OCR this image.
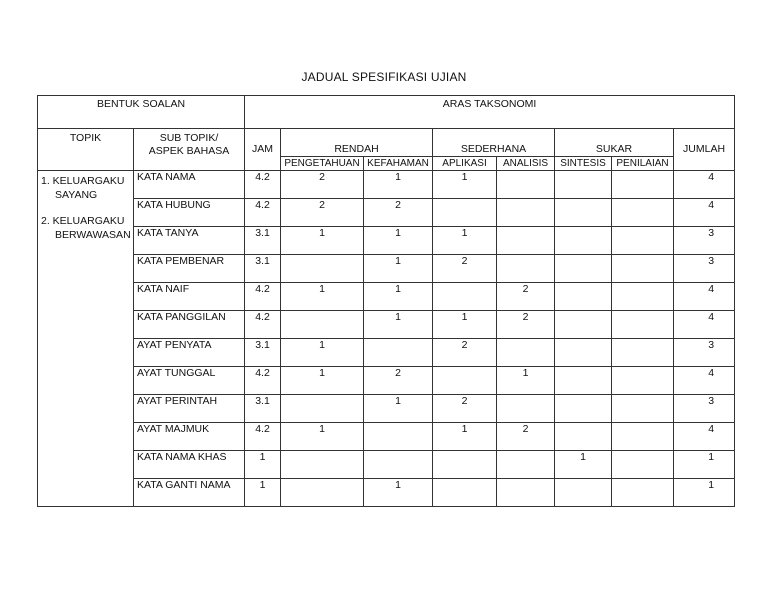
JADUAL SPESIFIKASI UJIAN
BENTUK SOALAN		ARAS TAKSONOMI							
TOPIK	SUB TOPIK/
ASPEK BAHASA	JAM	RENDAH		SEDERHANA		SUKAR		JUMLAH
			PENGETAHUAN	KEFAHAMAN	APLIKASI	ANALISIS	SINTESIS	PENILAIAN	

1. KELUARGAKU
SAYANG
2. KELUARGAKU
BERWAWASAN	KATA NAMA	4.2	2	1	1				4
	KATA HUBUNG	4.2	2	2					4
	KATA TANYA	3.1	1	1	1				3
	KATA PEMBENAR	3.1		1	2				3
	KATA NAIF	4.2	1	1		2			4
	KATA PANGGILAN	4.2		1	1	2			4
	AYAT PENYATA	3.1	1		2				3
	AYAT TUNGGAL	4.2	1	2		1			4
	AYAT PERINTAH	3.1		1	2				3
	AYAT MAJMUK	4.2	1		1	2			4
	KATA NAMA KHAS	1					1		1
	KATA GANTI NAMA	1		1					1
